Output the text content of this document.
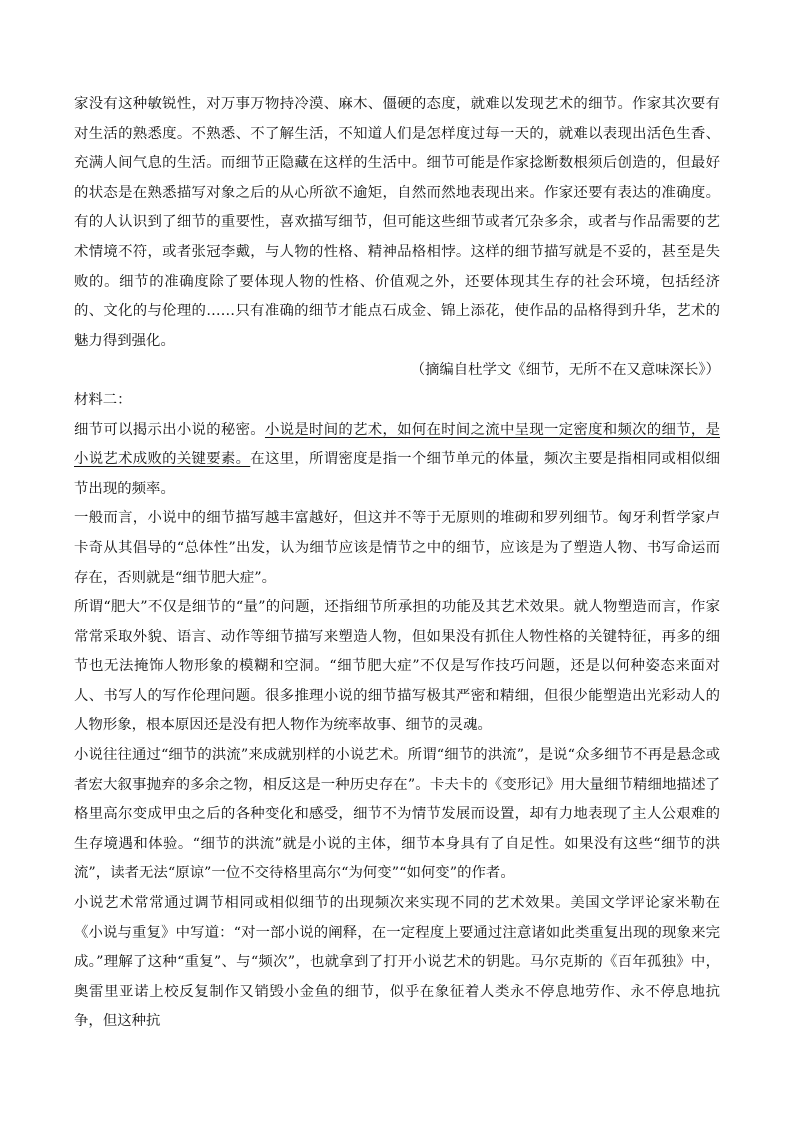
家没有这种敏锐性，对万事万物持冷漠、麻木、僵硬的态度，就难以发现艺术的细节。作家其次要有对生活的熟悉度。不熟悉、不了解生活，不知道人们是怎样度过每一天的，就难以表现出活色生香、充满人间气息的生活。而细节正隐藏在这样的生活中。细节可能是作家捻断数根须后创造的，但最好的状态是在熟悉描写对象之后的从心所欲不逾矩，自然而然地表现出来。作家还要有表达的准确度。有的人认识到了细节的重要性，喜欢描写细节，但可能这些细节或者冗杂多余，或者与作品需要的艺术情境不符，或者张冠李戴，与人物的性格、精神品格相悖。这样的细节描写就是不妥的，甚至是失败的。细节的准确度除了要体现人物的性格、价值观之外，还要体现其生存的社会环境，包括经济的、文化的与伦理的……只有准确的细节才能点石成金、锦上添花，使作品的品格得到升华，艺术的魅力得到强化。

（摘编自杜学文《细节，无所不在又意味深长》）

材料二：

细节可以揭示出小说的秘密。小说是时间的艺术，如何在时间之流中呈现一定密度和频次的细节，是小说艺术成败的关键要素。在这里，所谓密度是指一个细节单元的体量，频次主要是指相同或相似细节出现的频率。

一般而言，小说中的细节描写越丰富越好，但这并不等于无原则的堆砌和罗列细节。匈牙利哲学家卢卡奇从其倡导的“总体性”出发，认为细节应该是情节之中的细节，应该是为了塑造人物、书写命运而存在，否则就是“细节肥大症”。

所谓“肥大”不仅是细节的“量”的问题，还指细节所承担的功能及其艺术效果。就人物塑造而言，作家常常采取外貌、语言、动作等细节描写来塑造人物，但如果没有抓住人物性格的关键特征，再多的细节也无法掩饰人物形象的模糊和空洞。“细节肥大症”不仅是写作技巧问题，还是以何种姿态来面对人、书写人的写作伦理问题。很多推理小说的细节描写极其严密和精细，但很少能塑造出光彩动人的人物形象，根本原因还是没有把人物作为统率故事、细节的灵魂。

小说往往通过“细节的洪流”来成就别样的小说艺术。所谓“细节的洪流”，是说“众多细节不再是悬念或者宏大叙事抛弃的多余之物，相反这是一种历史存在”。卡夫卡的《变形记》用大量细节精细地描述了格里高尔变成甲虫之后的各种变化和感受，细节不为情节发展而设置，却有力地表现了主人公艰难的生存境遇和体验。“细节的洪流”就是小说的主体，细节本身具有了自足性。如果没有这些“细节的洪流”，读者无法“原谅”一位不交待格里高尔“为何变”“如何变”的作者。

小说艺术常常通过调节相同或相似细节的出现频次来实现不同的艺术效果。美国文学评论家米勒在《小说与重复》中写道：“对一部小说的阐释，在一定程度上要通过注意诸如此类重复出现的现象来完成。”理解了这种“重复”、与“频次”，也就拿到了打开小说艺术的钥匙。马尔克斯的《百年孤独》中，奥雷里亚诺上校反复制作又销毁小金鱼的细节，似乎在象征着人类永不停息地劳作、永不停息地抗争，但这种抗
